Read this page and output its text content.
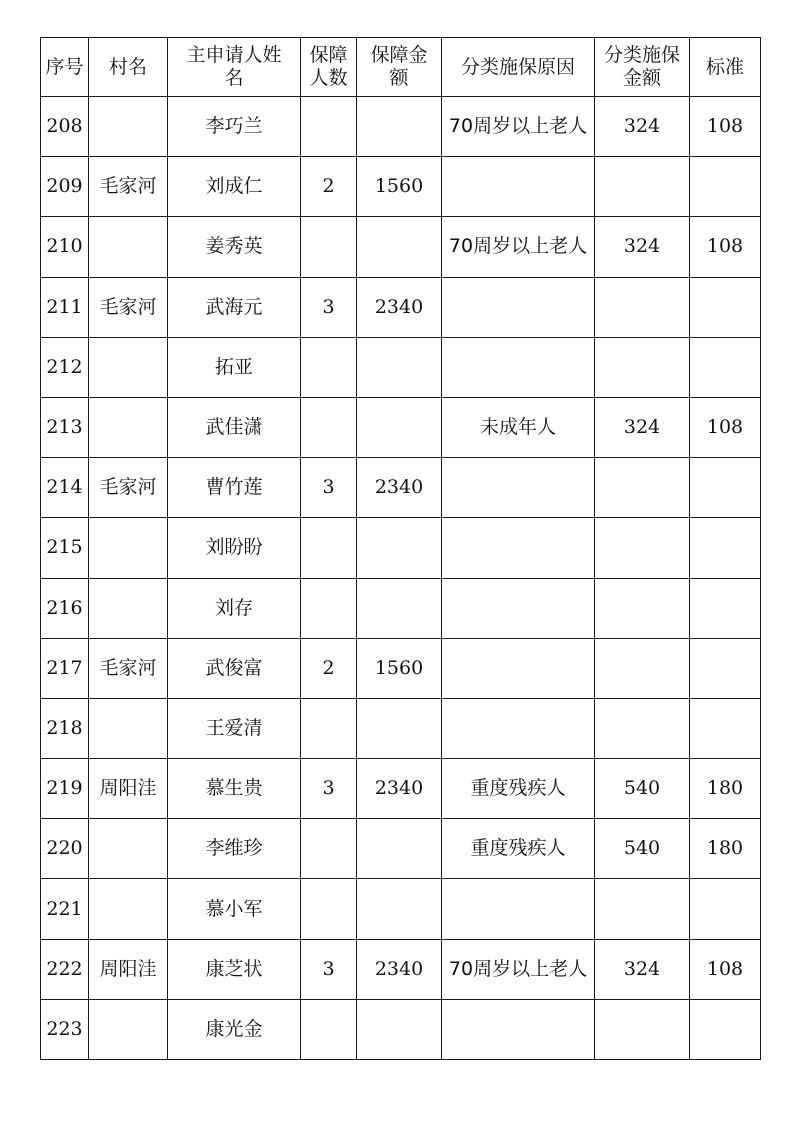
序号	村名	主申请人姓名	保障人数	保障金额	分类施保原因	分类施保金额	标准
208		李巧兰			70周岁以上老人	324	108
209	毛家河	刘成仁	2	1560			
210		姜秀英			70周岁以上老人	324	108
211	毛家河	武海元	3	2340			
212		拓亚					
213		武佳潇			未成年人	324	108
214	毛家河	曹竹莲	3	2340			
215		刘盼盼					
216		刘存					
217	毛家河	武俊富	2	1560			
218		王爱清					
219	周阳洼	慕生贵	3	2340	重度残疾人	540	180
220		李维珍			重度残疾人	540	180
221		慕小军					
222	周阳洼	康芝状	3	2340	70周岁以上老人	324	108
223		康光金					
